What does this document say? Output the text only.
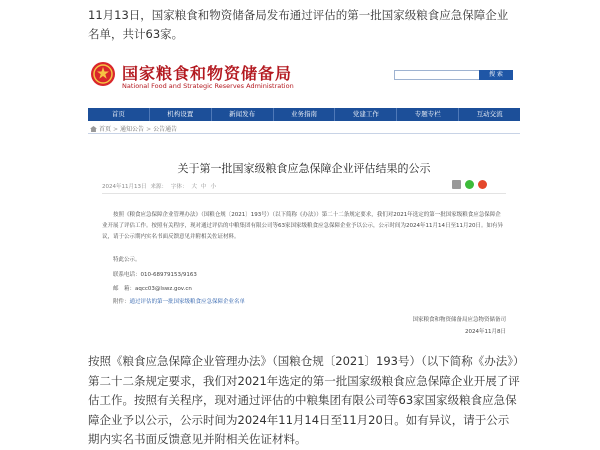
11月13日，国家粮食和物资储备局发布通过评估的第一批国家级粮食应急保障企业名单，共计63家。

国家粮食和物资储备局
National Food and Strategic Reserves Administration
搜 索
首页	机构设置	新闻发布	业务指南	党建工作	专题专栏	互动交流
首页 > 通知公告 > 公告通告
关于第一批国家级粮食应急保障企业评估结果的公示
2024年11月13日 来源： 字体： 大 中 小

按照《粮食应急保障企业管理办法》（国粮仓规〔2021〕193号）（以下简称《办法》）第二十二条规定要求，我们对2021年选定的第一批国家级粮食应急保障企业开展了评估工作。按照有关程序，现对通过评估的中粮集团有限公司等63家国家级粮食应急保障企业予以公示，公示时间为2024年11月14日至11月20日。如有异议，请于公示期内实名书面反馈意见并附相关佐证材料。

特此公示。
联系电话：010-68979153/9163
邮　箱：aqcc03@lswz.gov.cn
附件：通过评估的第一批国家级粮食应急保障企业名单
国家粮食和物资储备局应急物资储备司
2024年11月8日

按照《粮食应急保障企业管理办法》（国粮仓规〔2021〕193号）（以下简称《办法》）第二十二条规定要求，我们对2021年选定的第一批国家级粮食应急保障企业开展了评估工作。按照有关程序，现对通过评估的中粮集团有限公司等63家国家级粮食应急保障企业予以公示，公示时间为2024年11月14日至11月20日。如有异议，请于公示期内实名书面反馈意见并附相关佐证材料。
